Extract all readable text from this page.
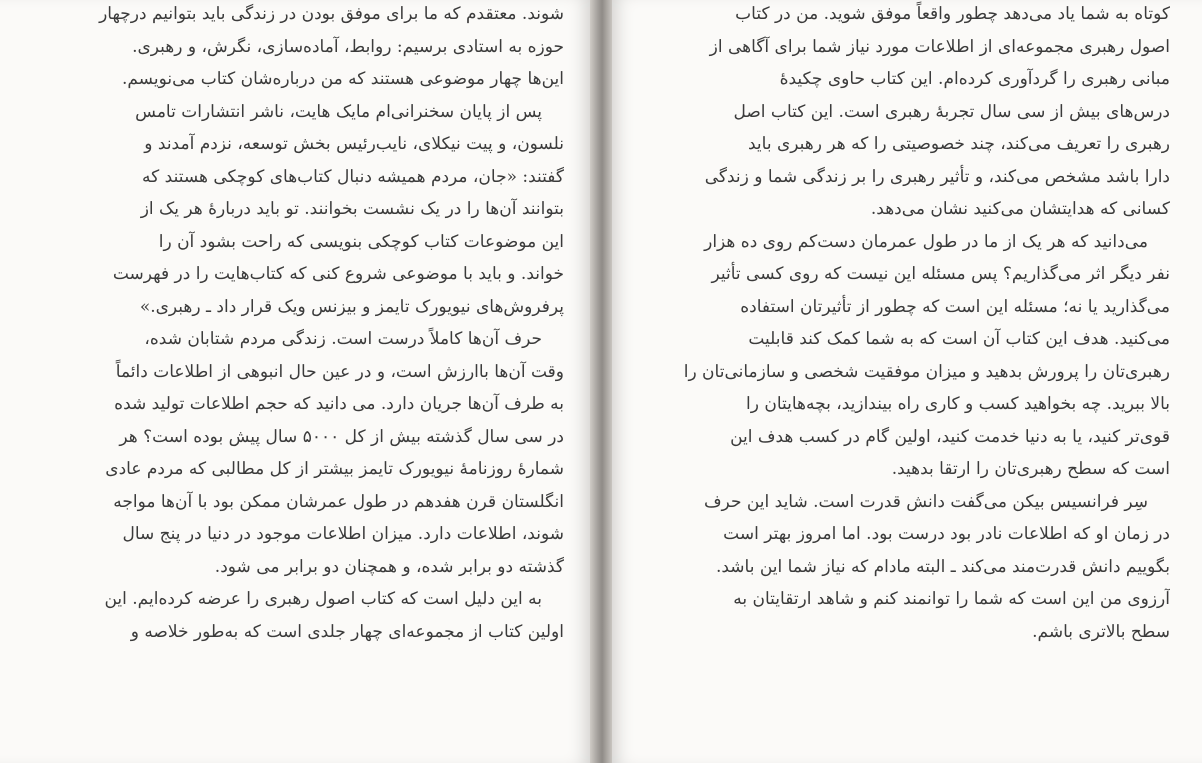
شوند. معتقدم که ما برای موفق بودن در زندگی باید بتوانیم درچهار
حوزه به استادی برسیم: روابط، آماده‌سازی، نگرش، و رهبری.
این‌ها چهار موضوعی هستند که من درباره‌شان کتاب می‌نویسم.
پس از پایان سخنرانی‌ام مایک هایت، ناشر انتشارات تامس
نلسون، و پیت نیکلای، نایب‌رئیس بخش توسعه، نزدم آمدند و
گفتند: «جان، مردم همیشه دنبال کتاب‌های کوچکی هستند که
بتوانند آن‌ها را در یک نشست بخوانند. تو باید دربارهٔ هر یک از
این موضوعات کتاب کوچکی بنویسی که راحت بشود آن را
خواند. و باید با موضوعی شروع کنی که کتاب‌هایت را در فهرست
پرفروش‌های نیویورک تایمز و بیزنس ویک قرار داد ـ رهبری.»
حرف آن‌ها کاملاً درست است. زندگی مردم شتابان شده،
وقت آن‌ها باارزش است، و در عین حال انبوهی از اطلاعات دائماً
به طرف آن‌ها جریان دارد. می دانید که حجم اطلاعات تولید شده
در سی سال گذشته بیش از کل ۵۰۰۰ سال پیش بوده است؟ هر
شمارهٔ روزنامهٔ نیویورک تایمز بیشتر از کل مطالبی که مردم عادی
انگلستان قرن هفدهم در طول عمرشان ممکن بود با آن‌ها مواجه
شوند، اطلاعات دارد. میزان اطلاعات موجود در دنیا در پنج سال
گذشته دو برابر شده، و همچنان دو برابر می شود.
به این دلیل است که کتاب اصول رهبری را عرضه کرده‌ایم. این
اولین کتاب از مجموعه‌ای چهار جلدی است که به‌طور خلاصه و
کوتاه به شما یاد می‌دهد چطور واقعاً موفق شوید. من در کتاب
اصول رهبری مجموعه‌ای از اطلاعات مورد نیاز شما برای آگاهی از
مبانی رهبری را گردآوری کرده‌ام. این کتاب حاوی چکیدهٔ
درس‌های بیش از سی سال تجربهٔ رهبری است. این کتاب اصل
رهبری را تعریف می‌کند، چند خصوصیتی را که هر رهبری باید
دارا باشد مشخص می‌کند، و تأثیر رهبری را بر زندگی شما و زندگی
کسانی که هدایتشان می‌کنید نشان می‌دهد.
می‌دانید که هر یک از ما در طول عمرمان دست‌کم روی ده هزار
نفر دیگر اثر می‌گذاریم؟ پس مسئله این نیست که روی کسی تأثیر
می‌گذارید یا نه؛ مسئله این است که چطور از تأثیرتان استفاده
می‌کنید. هدف این کتاب آن است که به شما کمک کند قابلیت
رهبری‌تان را پرورش بدهید و میزان موفقیت شخصی و سازمانی‌تان را
بالا ببرید. چه بخواهید کسب و کاری راه بیندازید، بچه‌هایتان را
قوی‌تر کنید، یا به دنیا خدمت کنید، اولین گام در کسب هدف این
است که سطح رهبری‌تان را ارتقا بدهید.
سِر فرانسیس بیکن می‌گفت دانش قدرت است. شاید این حرف
در زمان او که اطلاعات نادر بود درست بود. اما امروز بهتر است
بگوییم دانش قدرت‌مند می‌کند ـ البته مادام که نیاز شما این باشد.
آرزوی من این است که شما را توانمند کنم و شاهد ارتقایتان به
سطح بالاتری باشم.
